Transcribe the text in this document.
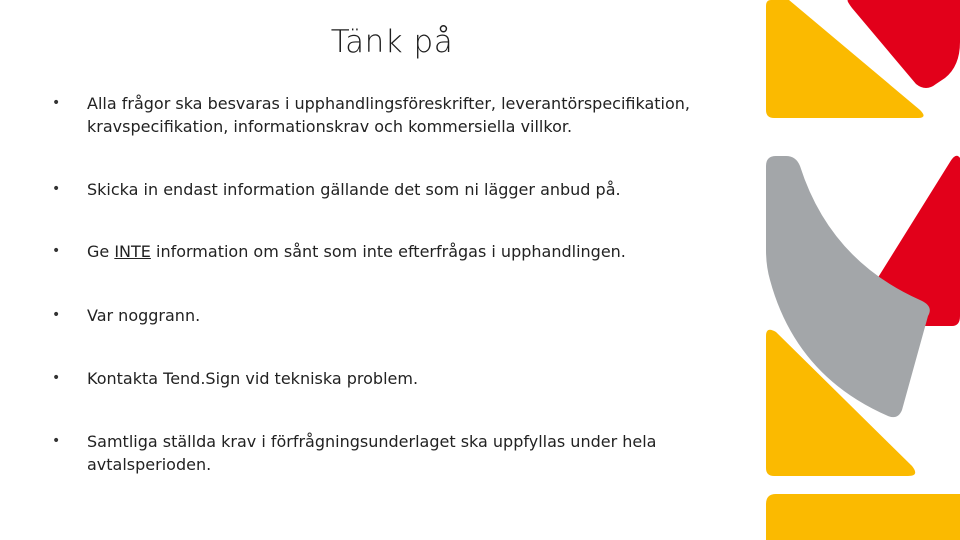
Tänk på
• Alla frågor ska besvaras i upphandlingsföreskrifter, leverantörspecifikation, kravspecifikation, informationskrav och kommersiella villkor.
• Skicka in endast information gällande det som ni lägger anbud på.
• Ge INTE information om sånt som inte efterfrågas i upphandlingen.
• Var noggrann.
• Kontakta Tend.Sign vid tekniska problem.
• Samtliga ställda krav i förfrågningsunderlaget ska uppfyllas under hela avtalsperioden.
